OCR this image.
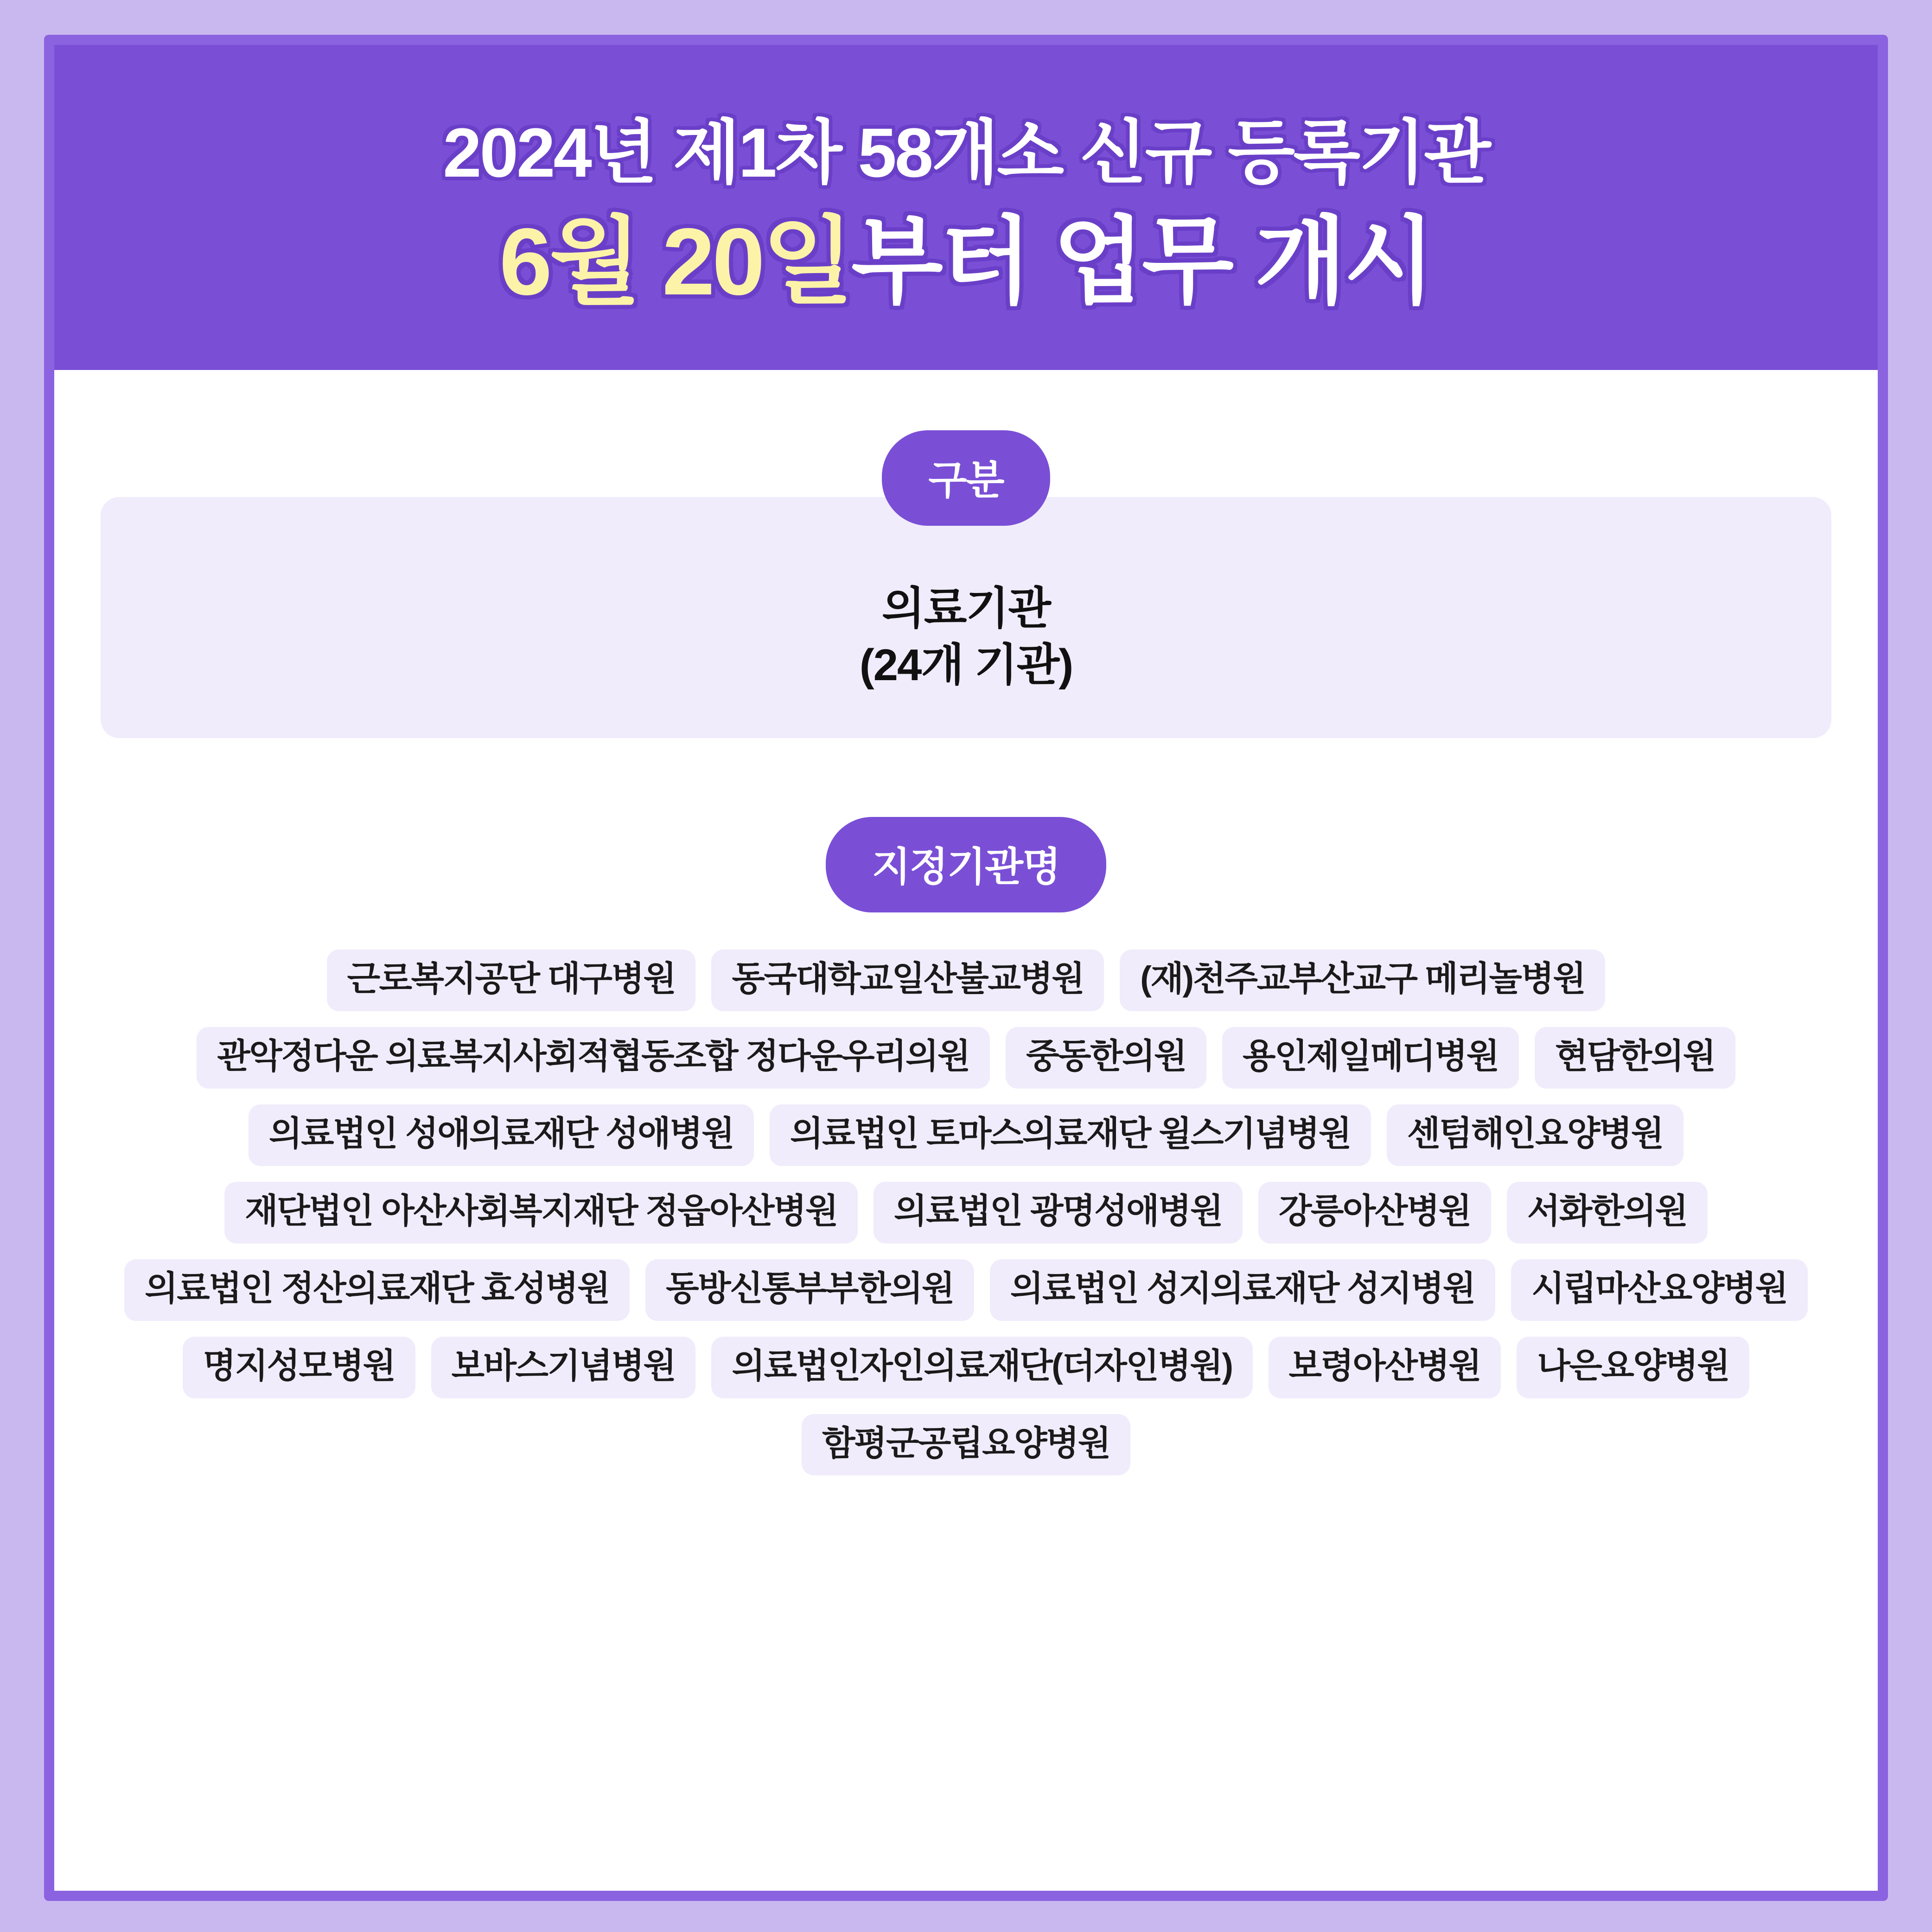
2024년 제1차 58개소 신규 등록기관
6월 20일부터 업무 개시
구분
의료기관
(24개 기관)
지정기관명
근로복지공단 대구병원	동국대학교일산불교병원	(재)천주교부산교구 메리놀병원
관악정다운 의료복지사회적협동조합 정다운우리의원	중동한의원	용인제일메디병원	현담한의원
의료법인 성애의료재단 성애병원	의료법인 토마스의료재단 윌스기념병원	센텀해인요양병원
재단법인 아산사회복지재단 정읍아산병원	의료법인 광명성애병원	강릉아산병원	서화한의원
의료법인 정산의료재단 효성병원	동방신통부부한의원	의료법인 성지의료재단 성지병원	시립마산요양병원
명지성모병원	보바스기념병원	의료법인자인의료재단(더자인병원)	보령아산병원	나은요양병원
함평군공립요양병원
